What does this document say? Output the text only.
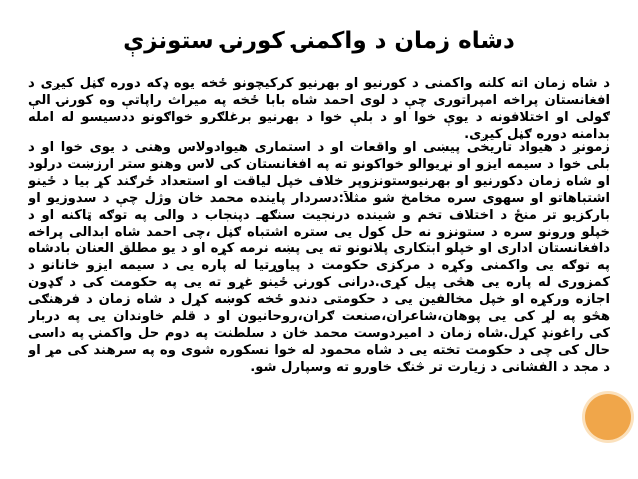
دشاه زمان د واکمنۍ کورنۍ ستونزې
د شاه زمان اته کلنه واکمنی د کورنیو او بهرنیو کرکیچونو ځخه یوه ډکه دوره ګڼل کیږی د
افغانستان پراخه امپراتوری چې د لوی احمد شاه بابا ځخه په میراث راپاتې وه کورنۍ الې
ګولی او اختلافونه د یوې خوا او د بلې خوا د بهرنیو برغلګرو خواګونو ددسیسو له امله
بدامنه دوره ګڼل کیږی.
زمونږ د هیواد تاریخی پیښی او واقعات او د استماری هیوادولاس وهنی د یوی خوا او د
بلی خوا د سیمه ایزو او نړیوالو خواکونو ته په افغانستان کی لاس وهنو ستر ارزښت درلود
او شاه زمان دکورنیو او بهرنیوستونزوپر خلاف خپل لیاقت او استعداد ځرګند کړ بیا د ځینو
اشتباهاتو او سهوی سره مخامخ شو مثلاً:دسردار پاینده محمد خان وژل چې د سدوزیو او
بارکزیو تر منځ د اختلاف تخم و شینده درنجیت سنګهـ دپنجاب د والی په توګه ټاکنه او د
خپلو ورونو سره د ستونزو نه حل کول یی ستره اشتباه ګڼل ،چی احمد شاه ابدالی پراخه
دافغانستان اداری او خپلو ابتکاری پلانونو ته یی پښه نرمه کړه او د یو مطلق العنان بادشاه
په توګه یی واکمنی وکړه د مرکزی حکومت د پیاوړتیا له پاره یی د سیمه ایزو خانانو د
کمزوری له پاره یی هڅی پیل کړی.درانی کورنۍ ځینو غړو ته یی په حکومت کی د ګډون
اجازه ورکړه او خپل مخالفین یی د حکومتی دندو ځخه کوښه کړل د شاه زمان د فرهنګی
هڅو په لړ کی یی پوهان،شاعران،صنعت ګران،روحانیون او د قلم خاوندان یی په دربار
کی راغونډ کړل.شاه زمان د امیردوست محمد خان د سلطنت په دوم حل واکمنۍ په داسی
حال کی چی د حکومت تخته یی د شاه محمود له خوا نسکوره شوی وه په سرهند کی مړ او
د مجد د الفشانی د زیارت تر څنګ خاورو ته وسپارل شو.
